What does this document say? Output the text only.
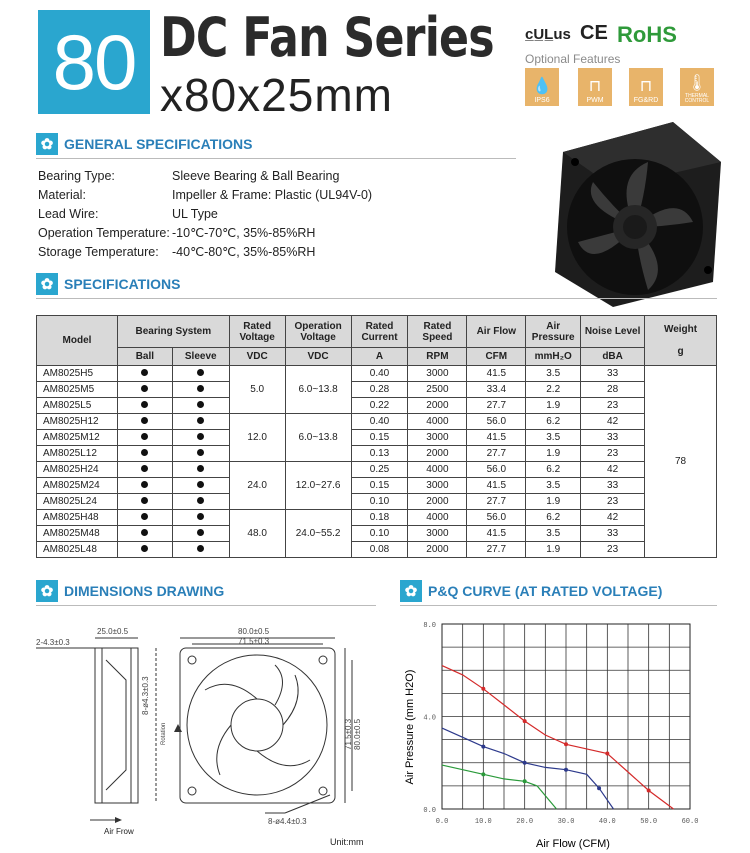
80 DC Fan Series
x80x25mm
c̲U̲L̲us CE RoHS
Optional Features
💧
IPS6
⊓
PWM
⊓
FG&RD
🌡
THERMAL CONTROL
✿ GENERAL SPECIFICATIONS
Bearing Type:	Sleeve Bearing & Ball Bearing
Material:	Impeller & Frame: Plastic (UL94V-0)
Lead Wire:	UL Type
Operation Temperature: -10℃-70℃, 35%-85%RH
Storage Temperature:	-40℃-80℃, 35%-85%RH
✿ SPECIFICATIONS
Model	Bearing System		Rated Voltage	Operation Voltage	Rated Current	Rated Speed	Air Flow	Air Pressure	Noise Level	Weight

g
	Ball	Sleeve	VDC	VDC	A	RPM	CFM	mmH₂O	dBA	
AM8025H5			5.0	6.0~13.8	0.40	3000	41.5	3.5	33	78
AM8025M5					0.28	2500	33.4	2.2	28	
AM8025L5					0.22	2000	27.7	1.9	23	
AM8025H12			12.0	6.0~13.8	0.40	4000	56.0	6.2	42	
AM8025M12					0.15	3000	41.5	3.5	33	
AM8025L12					0.13	2000	27.7	1.9	23	
AM8025H24			24.0	12.0~27.6	0.25	4000	56.0	6.2	42	
AM8025M24					0.15	3000	41.5	3.5	33	
AM8025L24					0.10	2000	27.7	1.9	23	
AM8025H48			48.0	24.0~55.2	0.18	4000	56.0	6.2	42	
AM8025M48					0.10	3000	41.5	3.5	33	
AM8025L48					0.08	2000	27.7	1.9	23	
✿ DIMENSIONS DRAWING
25.0±0.5
2-4.3±0.3
8-ø4.3±0.3
80.0±0.5
71.5±0.3
80.0±0.5
71.5±0.3
8-ø4.4±0.3
Rotation
Air Frow
Unit:mm
✿ P&Q CURVE (AT RATED VOLTAGE)
0.0	10.0	20.0	30.0	40.0	50.0	60.0
0.0
4.0
8.0
Air Flow (CFM)
Air Pressure (mm H2O)
